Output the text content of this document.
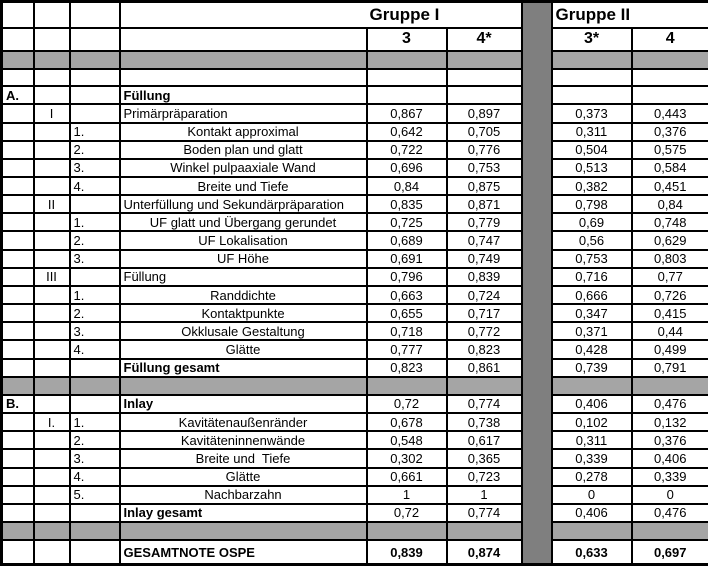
				Gruppe I			Gruppe II	
				3	4*		3*	4

A.			Füllung					
	I		Primärpräparation	0,867	0,897		0,373	0,443
		1.	Kontakt approximal	0,642	0,705		0,311	0,376
		2.	Boden plan und glatt	0,722	0,776		0,504	0,575
		3.	Winkel pulpaaxiale Wand	0,696	0,753		0,513	0,584
		4.	Breite und Tiefe	0,84	0,875		0,382	0,451
	II		Unterfüllung und Sekundärpräparation	0,835	0,871		0,798	0,84
		1.	UF glatt und Übergang gerundet	0,725	0,779		0,69	0,748
		2.	UF Lokalisation	0,689	0,747		0,56	0,629
		3.	UF Höhe	0,691	0,749		0,753	0,803
	III		Füllung	0,796	0,839		0,716	0,77
		1.	Randdichte	0,663	0,724		0,666	0,726
		2.	Kontaktpunkte	0,655	0,717		0,347	0,415
		3.	Okklusale Gestaltung	0,718	0,772		0,371	0,44
		4.	Glätte	0,777	0,823		0,428	0,499
			Füllung gesamt	0,823	0,861		0,739	0,791

B.			Inlay	0,72	0,774		0,406	0,476
	I.	1.	Kavitätenaußenränder	0,678	0,738		0,102	0,132
		2.	Kavitäteninnenwände	0,548	0,617		0,311	0,376
		3.	Breite und  Tiefe	0,302	0,365		0,339	0,406
		4.	Glätte	0,661	0,723		0,278	0,339
		5.	Nachbarzahn	1	1		0	0
			Inlay gesamt	0,72	0,774		0,406	0,476

			GESAMTNOTE OSPE	0,839	0,874		0,633	0,697
